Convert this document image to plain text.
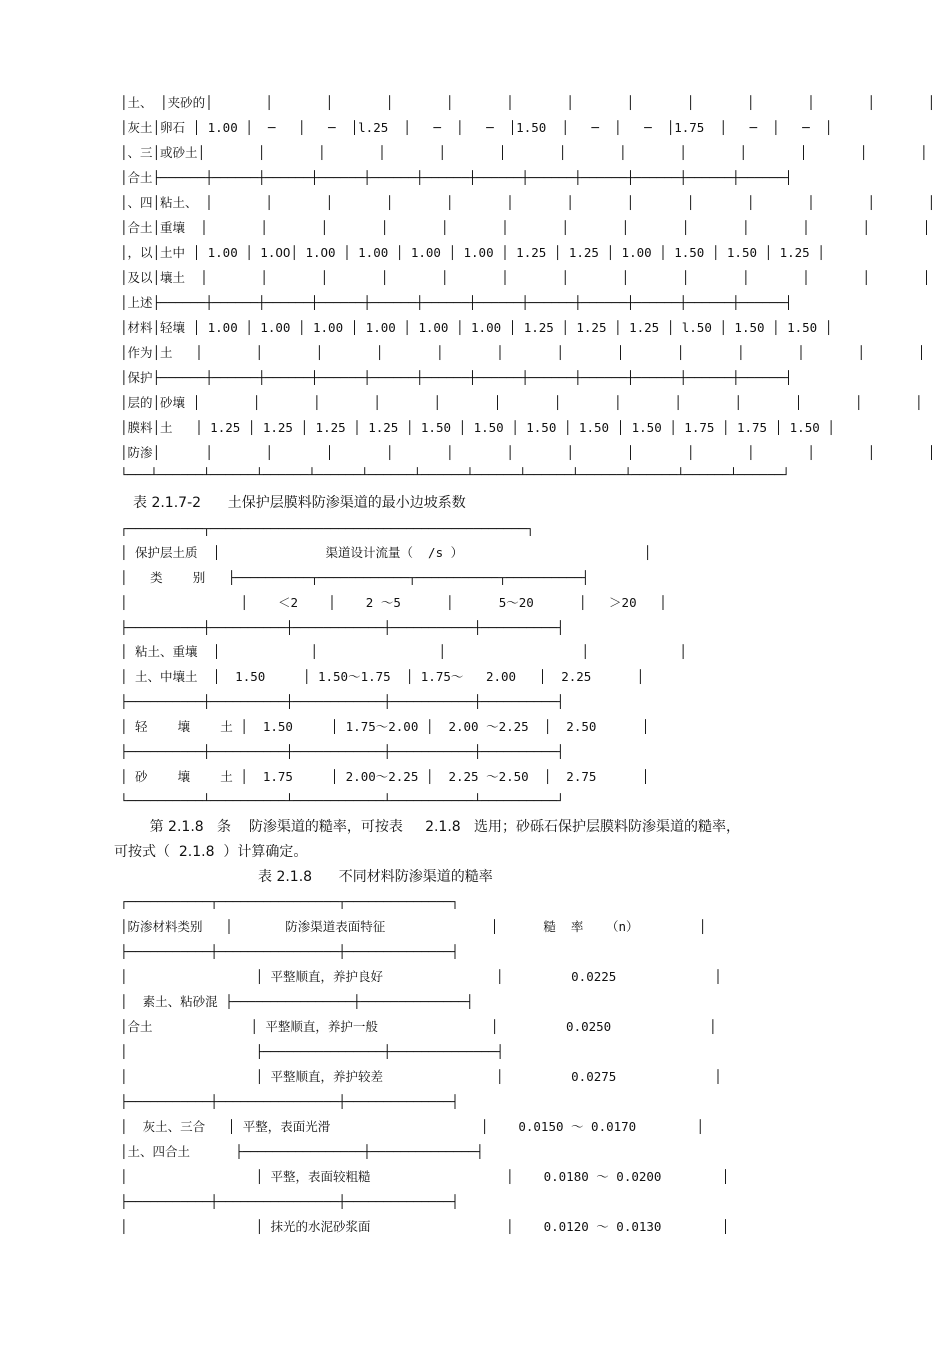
│土、 │夹砂的│       │       │       │       │       │       │       │       │       │       │       │       │
│灰土│卵石 │ 1.00 │  ─   │   ─  │l.25  │   ─  │   ─  │1.50  │   ─  │   ─  │1.75  │   ─  │   ─  │
│、三│或砂土│       │       │       │       │       │       │       │       │       │       │       │       │
│合土├──────┼──────┼──────┼──────┼──────┼──────┼──────┼──────┼──────┼──────┼──────┼──────┤
│、四│粘土、 │       │       │       │       │       │       │       │       │       │       │       │       │
│合土│重壤  │       │       │       │       │       │       │       │       │       │       │       │       │
│，以│土中 │ 1.00 │ 1.OO│ 1.O0 │ 1.00 │ 1.00 │ 1.00 │ 1.25 │ 1.25 │ 1.00 │ 1.50 │ 1.50 │ 1.25 │
│及以│壤土  │       │       │       │       │       │       │       │       │       │       │       │       │
│上述├──────┼──────┼──────┼──────┼──────┼──────┼──────┼──────┼──────┼──────┼──────┼──────┤
│材料│轻壤 │ 1.00 │ 1.00 │ 1.00 │ 1.00 │ 1.00 │ 1.00 │ 1.25 │ 1.25 │ 1.25 │ l.50 │ 1.50 │ 1.50 │
│作为│土   │       │       │       │       │       │       │       │       │       │       │       │       │
│保护├──────┼──────┼──────┼──────┼──────┼──────┼──────┼──────┼──────┼──────┼──────┼──────┤
│层的│砂壤 │       │       │       │       │       │       │       │       │       │       │       │       │
│膜料│土   │ 1.25 │ 1.25 │ 1.25 │ 1.25 │ 1.50 │ 1.50 │ 1.50 │ 1.50 │ 1.50 │ 1.75 │ 1.75 │ 1.50 │
│防渗│      │       │       │       │       │       │       │       │       │       │       │       │       │
└───┴──────┴──────┴──────┴──────┴──────┴──────┴──────┴──────┴──────┴──────┴──────┴──────┘
表 2.1.7-2      土保护层膜料防渗渠道的最小边坡系数
┌──────────┬──────────────────────────────────────────┐
│ 保护层土质  │              渠道设计流量（  /s ）                        │
│   类    别   ├──────────┬────────────┬───────────┬──────────┤
│               │    ＜2    │    2 ～5      │      5～20      │   ＞20   │
├──────────┼──────────┼────────────┼───────────┼──────────┤
│ 粘土、重壤  │            │                │                  │            │
│ 土、中壤土  │  1.50     │ 1.50～1.75  │ 1.75～   2.00   │  2.25      │
├──────────┼──────────┼────────────┼───────────┼──────────┤
│ 轻    壤    土 │  1.50     │ 1.75～2.00 │  2.00 ～2.25  │  2.50      │
├──────────┼──────────┼────────────┼───────────┼──────────┤
│ 砂    壤    土 │  1.75     │ 2.00～2.25 │  2.25 ～2.50  │  2.75      │
└──────────┴──────────┴────────────┴───────────┴──────────┘
第 2.1.8   条    防渗渠道的糙率，可按表     2.1.8   选用；砂砾石保护层膜料防渗渠道的糙率，
可按式（  2.1.8  ）计算确定。
表 2.1.8      不同材料防渗渠道的糙率
┌───────────┬────────────────┬──────────────┐
│防渗材料类别   │       防渗渠道表面特征              │      糙  率   （n）        │
├───────────┼────────────────┼──────────────┤
│                 │ 平整顺直，养护良好               │         0.0225             │
│  素土、粘砂混 ├────────────────┼──────────────┤
│合土             │ 平整顺直，养护一般               │         0.0250             │
│                 ├────────────────┼──────────────┤
│                 │ 平整顺直，养护较差               │         0.0275             │
├───────────┼────────────────┼──────────────┤
│  灰土、三合   │ 平整，表面光滑                    │    0.0150 ～ 0.0170        │
│土、四合土      ├────────────────┼──────────────┤
│                 │ 平整，表面较粗糙                  │    0.0180 ～ 0.0200        │
├───────────┼────────────────┼──────────────┤
│                 │ 抹光的水泥砂浆面                  │    0.0120 ～ 0.0130        │
